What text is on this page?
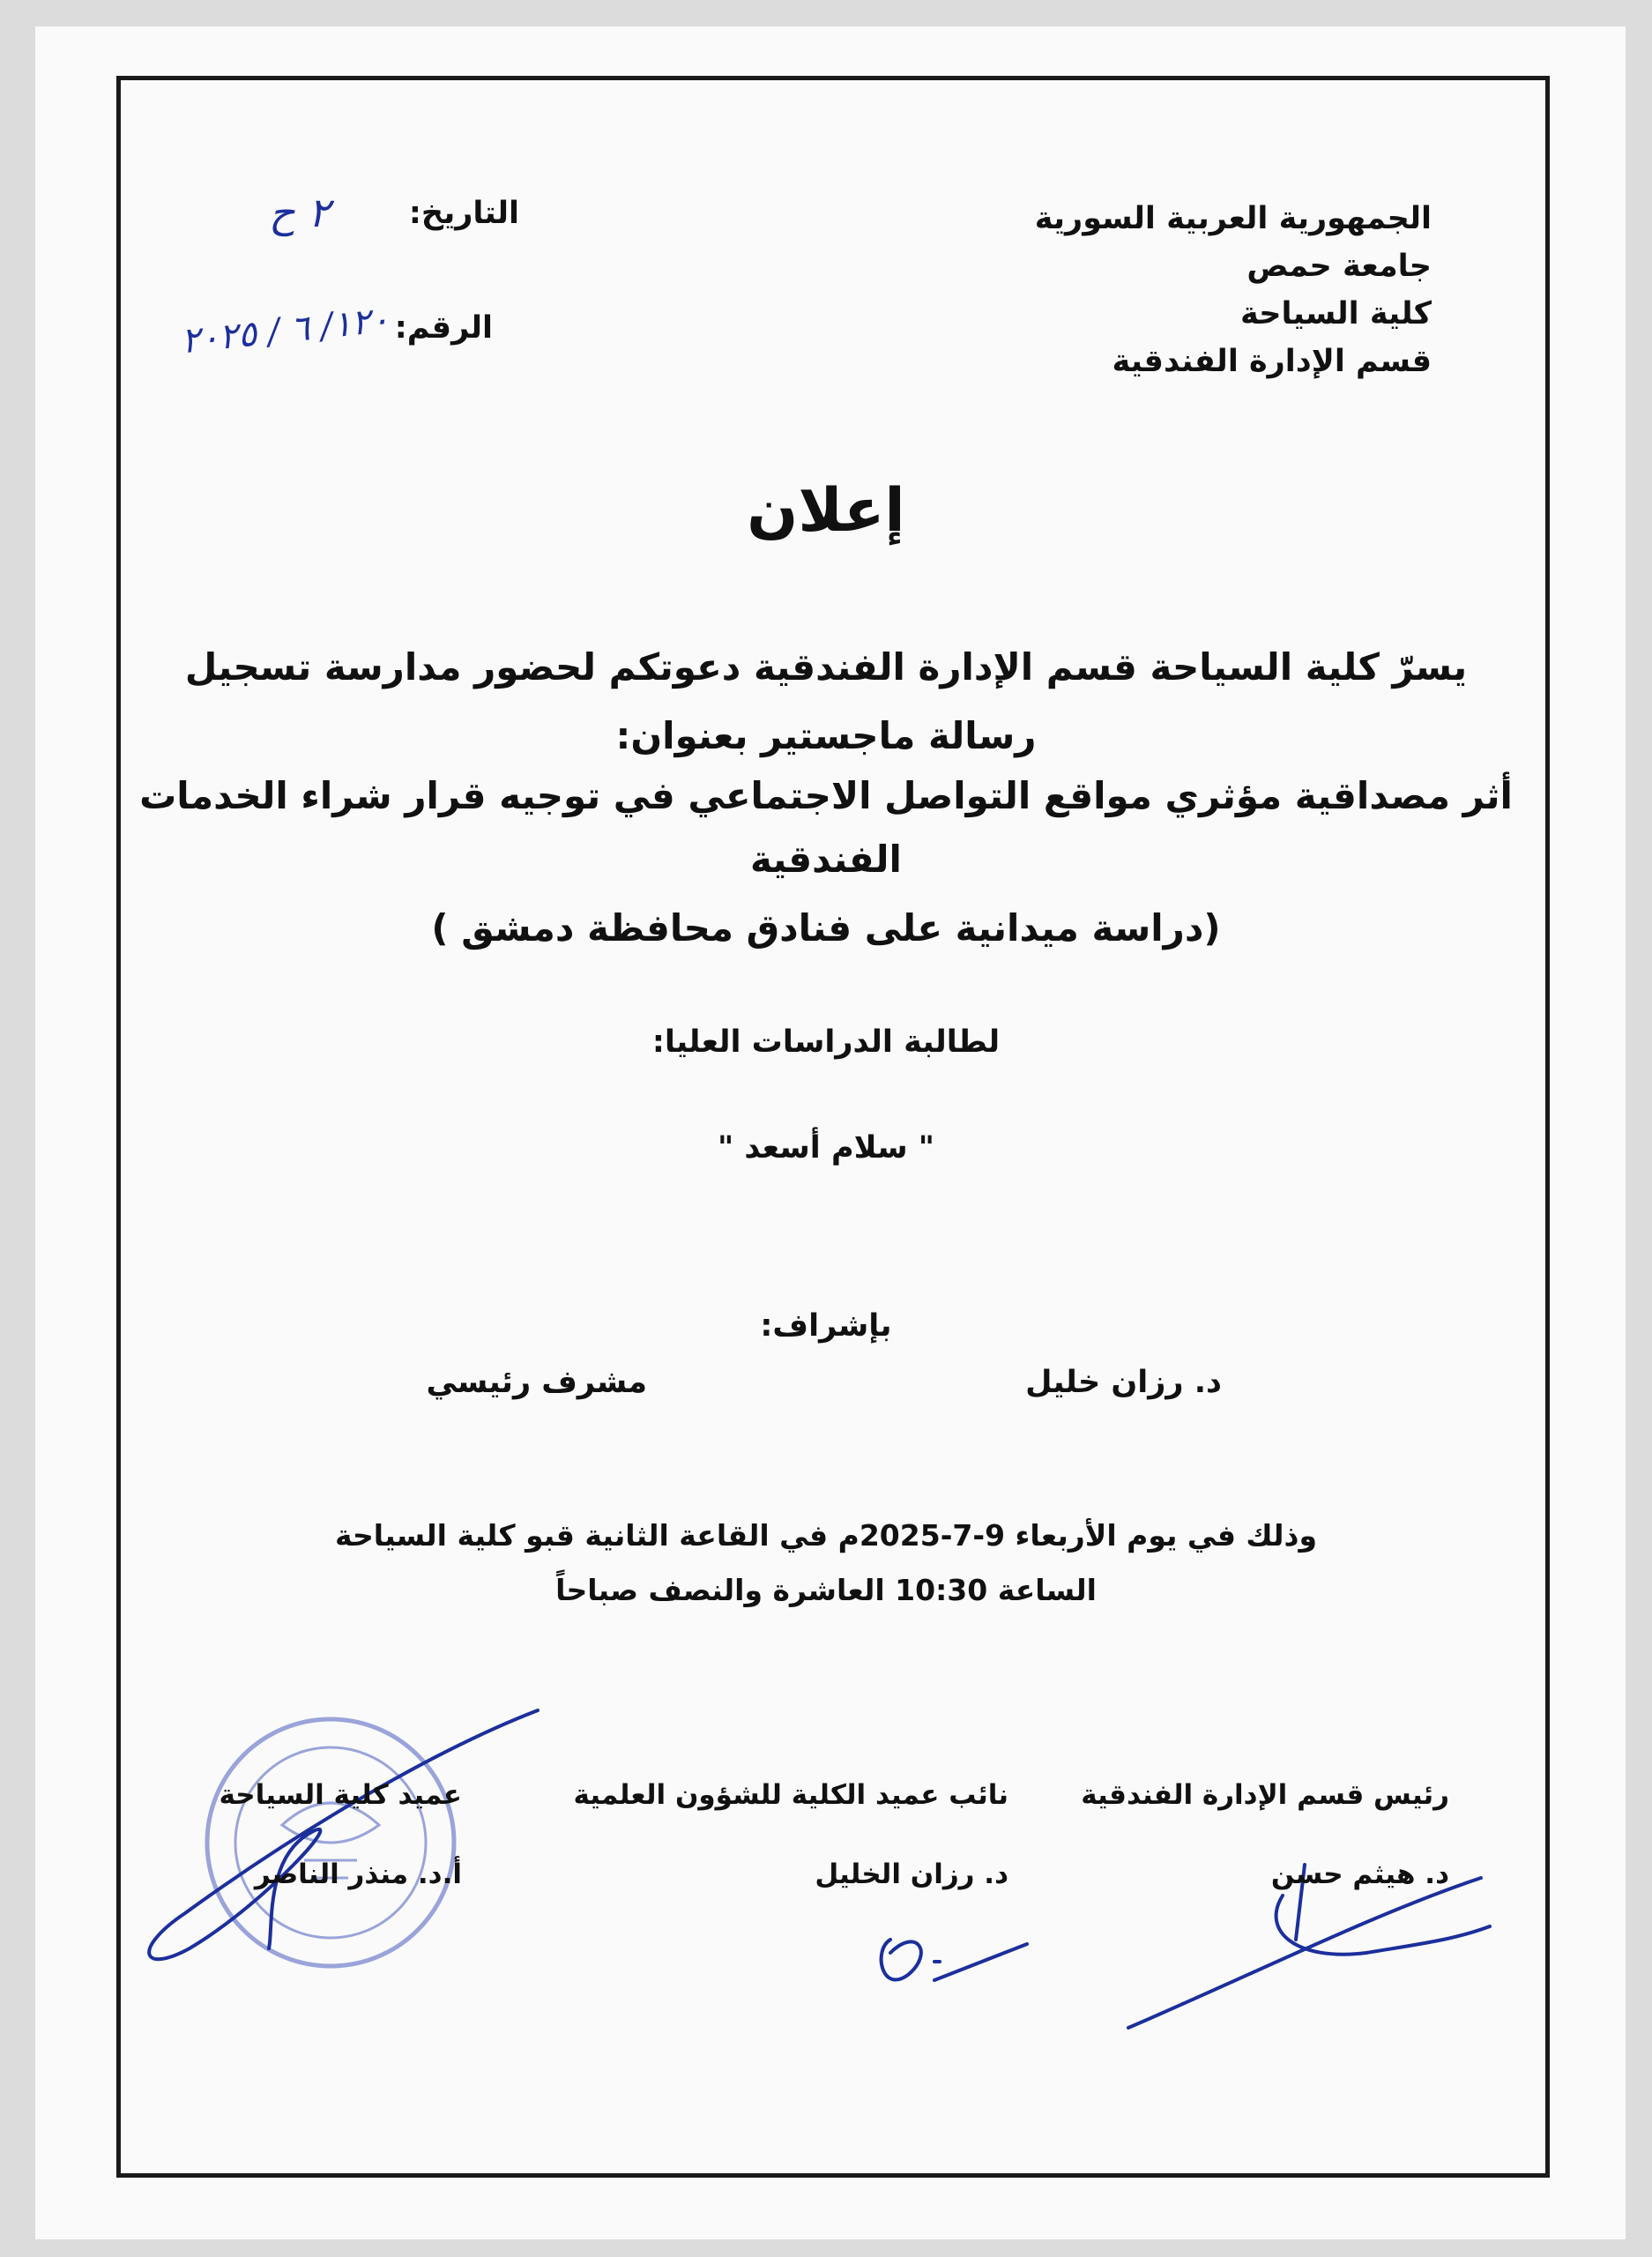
الجمهورية العربية السورية
جامعة حمص
كلية السياحة
قسم الإدارة الفندقية
التاريخ:
٢ ح
الرقم:
١٢٠/ ٦ / ٢٠٢٥
إعلان
يسرّ كلية السياحة قسم الإدارة الفندقية دعوتكم لحضور مدارسة تسجيل
رسالة ماجستير بعنوان:
أثر مصداقية مؤثري مواقع التواصل الاجتماعي في توجيه قرار شراء الخدمات
الفندقية
(دراسة ميدانية على فنادق محافظة دمشق )
لطالبة الدراسات العليا:
" سلام أسعد "
بإشراف:
د. رزان خليل
مشرف رئيسي
وذلك في يوم الأربعاء 9-7-2025م في القاعة الثانية قبو كلية السياحة
الساعة 10:30 العاشرة والنصف صباحاً
رئيس قسم الإدارة الفندقية
نائب عميد الكلية للشؤون العلمية
عميد كلية السياحة
د. هيثم حسن
د. رزان الخليل
أ.د. منذر الناصر
